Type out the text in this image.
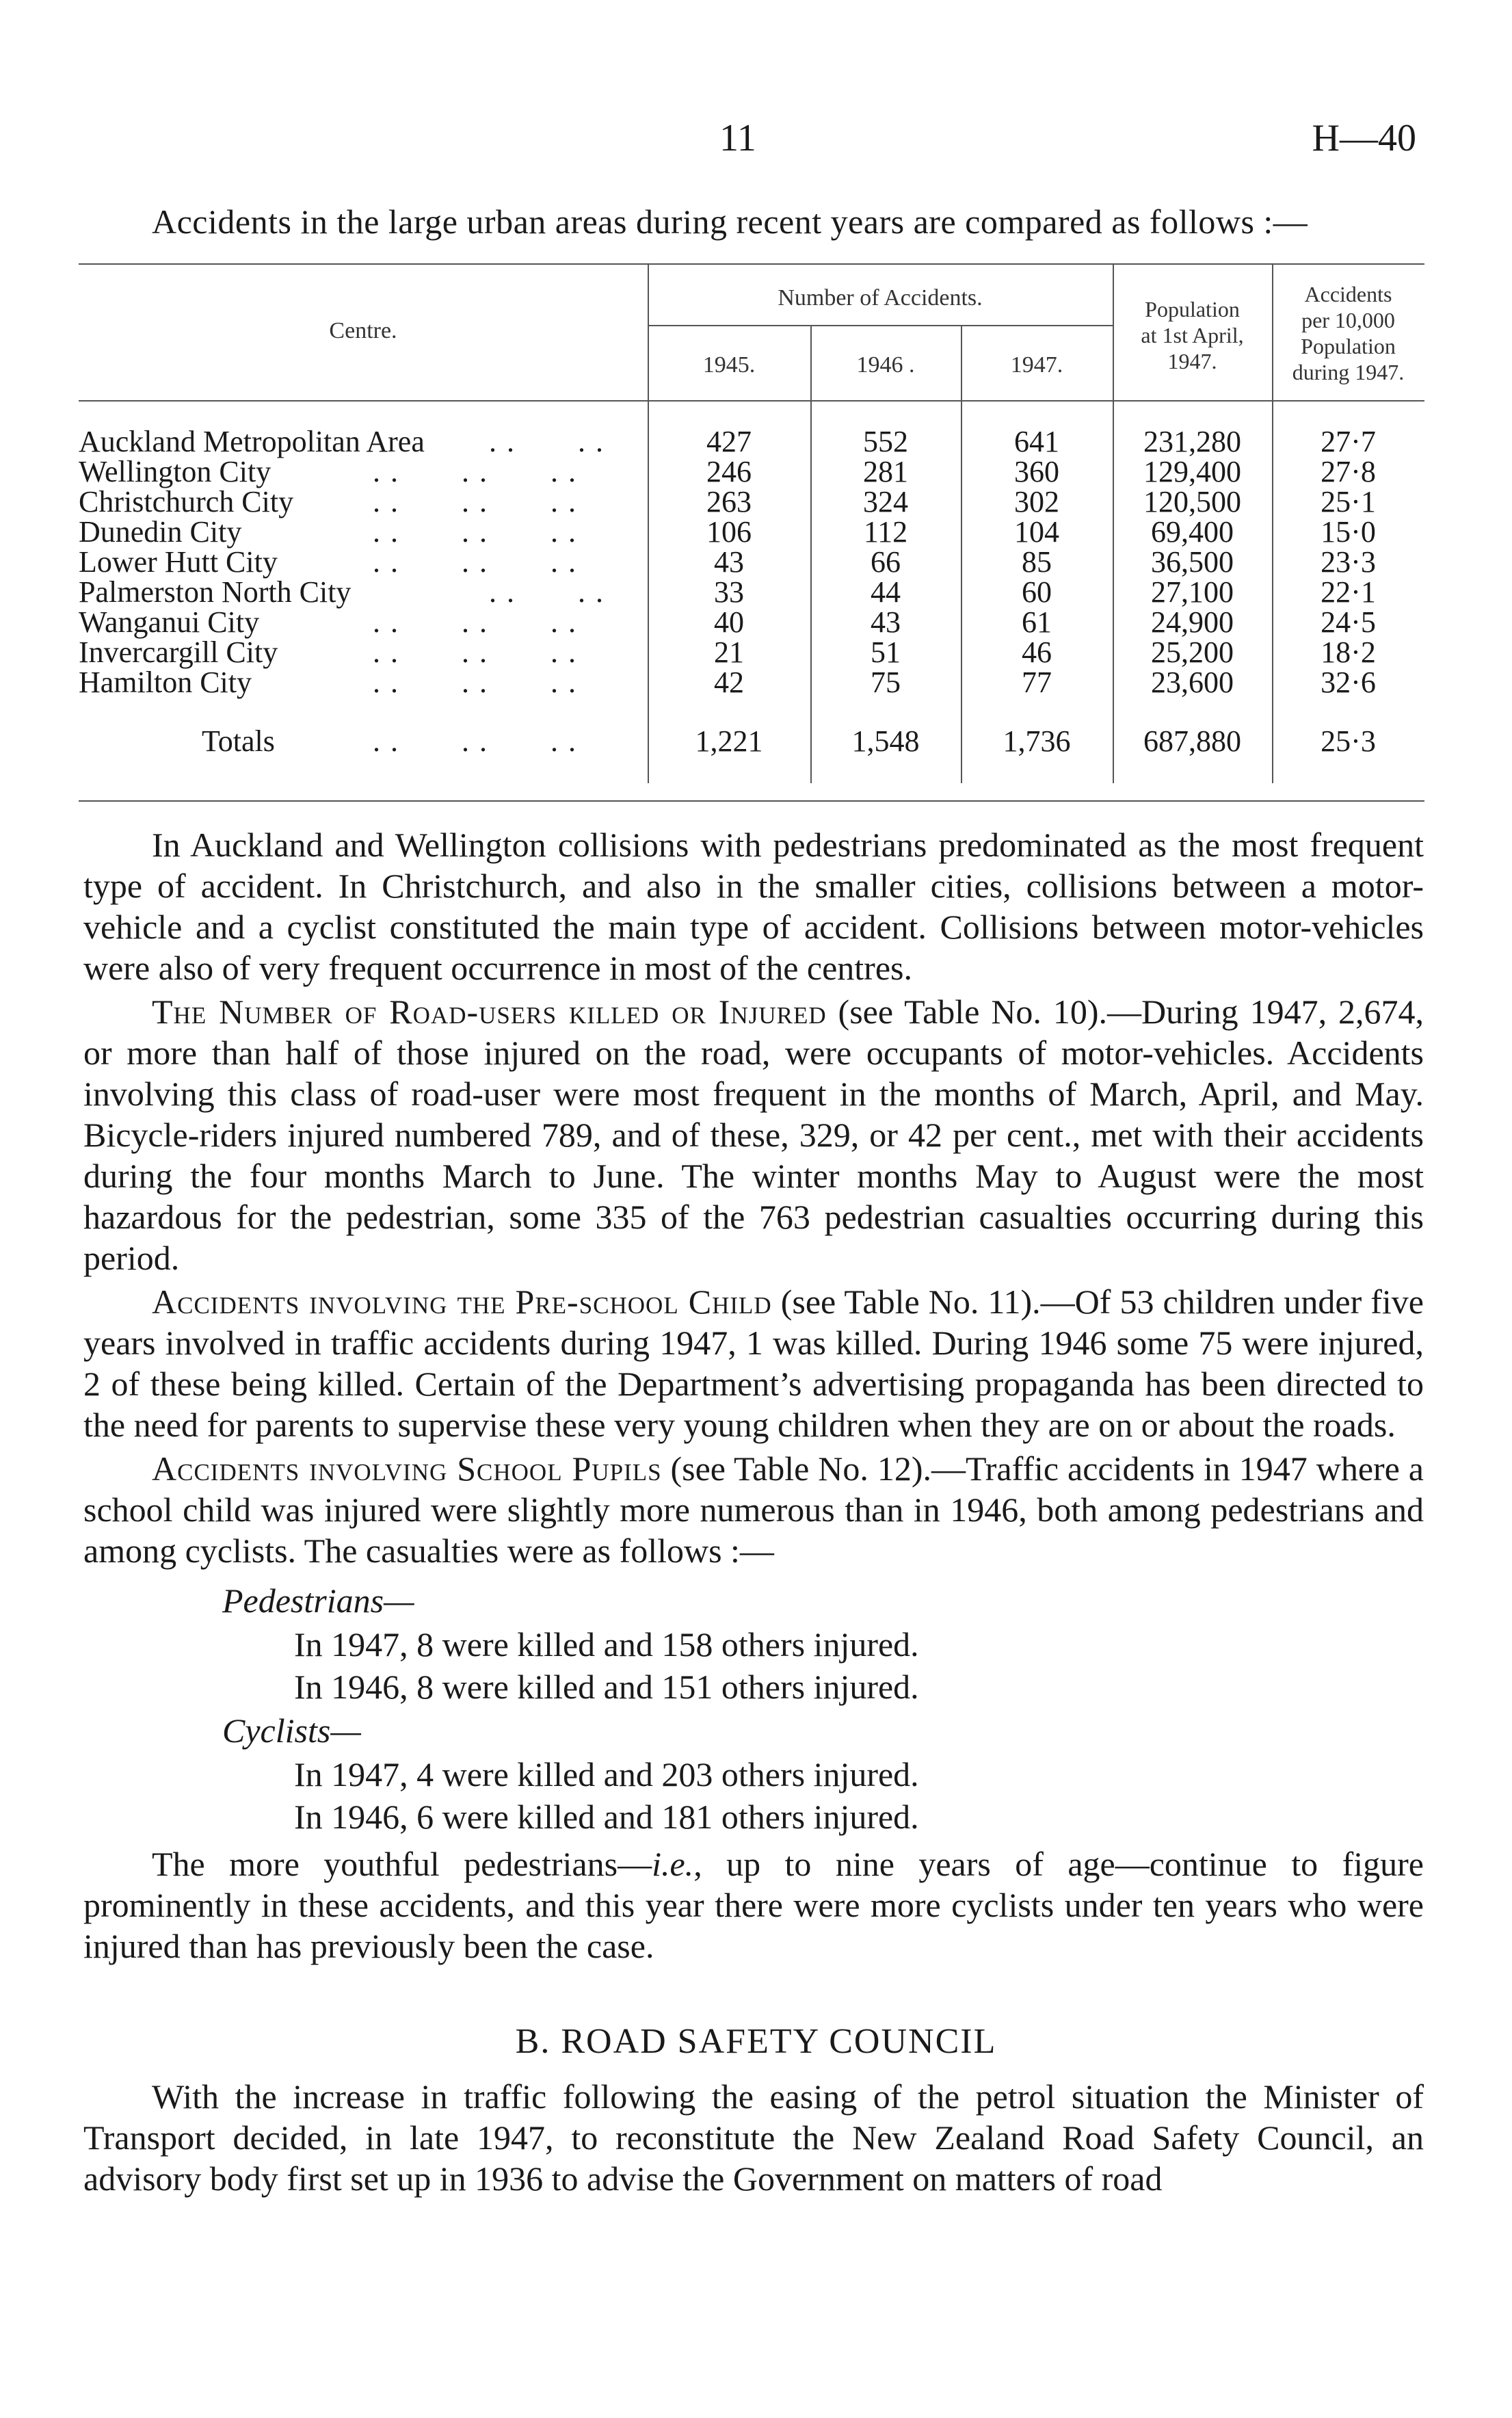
11	H—40
Accidents in the large urban areas during recent years are compared as follows :—
Centre.
Number of Accidents.
1945.	1946 .	1947.
Population
at 1st April,
1947.
Accidents
per 10,000
Population
during 1947.
Auckland Metropolitan Area . .       . .	427	552	641	231,280	27·7
Wellington City	. .       . .       . .	246	281	360	129,400	27·8
Christchurch City	. .       . .       . .	263	324	302	120,500	25·1
Dunedin City	. .       . .       . .	106	112	104	69,400	15·0
Lower Hutt City	. .       . .       . .	43	66	85	36,500	23·3
Palmerston North City	. .       . .	33	44	60	27,100	22·1
Wanganui City	. .       . .       . .	40	43	61	24,900	24·5
Invercargill City	. .       . .       . .	21	51	46	25,200	18·2
Hamilton City	. .       . .       . .	42	75	77	23,600	32·6
Totals	. .       . .       . .	1,221	1,548	1,736	687,880	25·3

In Auckland and Wellington collisions with pedestrians predominated as the most frequent type of accident. In Christchurch, and also in the smaller cities, collisions between a motor-vehicle and a cyclist constituted the main type of accident. Collisions between motor-vehicles were also of very frequent occurrence in most of the centres.

The Number of Road-users killed or Injured (see Table No. 10).—During 1947, 2,674, or more than half of those injured on the road, were occupants of motor-vehicles. Accidents involving this class of road-user were most frequent in the months of March, April, and May. Bicycle-riders injured numbered 789, and of these, 329, or 42 per cent., met with their accidents during the four months March to June. The winter months May to August were the most hazardous for the pedestrian, some 335 of the 763 pedestrian casualties occurring during this period.

Accidents involving the Pre-school Child (see Table No. 11).—Of 53 children under five years involved in traffic accidents during 1947, 1 was killed. During 1946 some 75 were injured, 2 of these being killed. Certain of the Department’s advertising propaganda has been directed to the need for parents to supervise these very young children when they are on or about the roads.

Accidents involving School Pupils (see Table No. 12).—Traffic accidents in 1947 where a school child was injured were slightly more numerous than in 1946, both among pedestrians and among cyclists. The casualties were as follows :—

Pedestrians—
In 1947, 8 were killed and 158 others injured.
In 1946, 8 were killed and 151 others injured.
Cyclists—
In 1947, 4 were killed and 203 others injured.
In 1946, 6 were killed and 181 others injured.

The more youthful pedestrians—i.e., up to nine years of age—continue to figure prominently in these accidents, and this year there were more cyclists under ten years who were injured than has previously been the case.

B. ROAD SAFETY COUNCIL

With the increase in traffic following the easing of the petrol situation the Minister of Transport decided, in late 1947, to reconstitute the New Zealand Road Safety Council, an advisory body first set up in 1936 to advise the Government on matters of road
